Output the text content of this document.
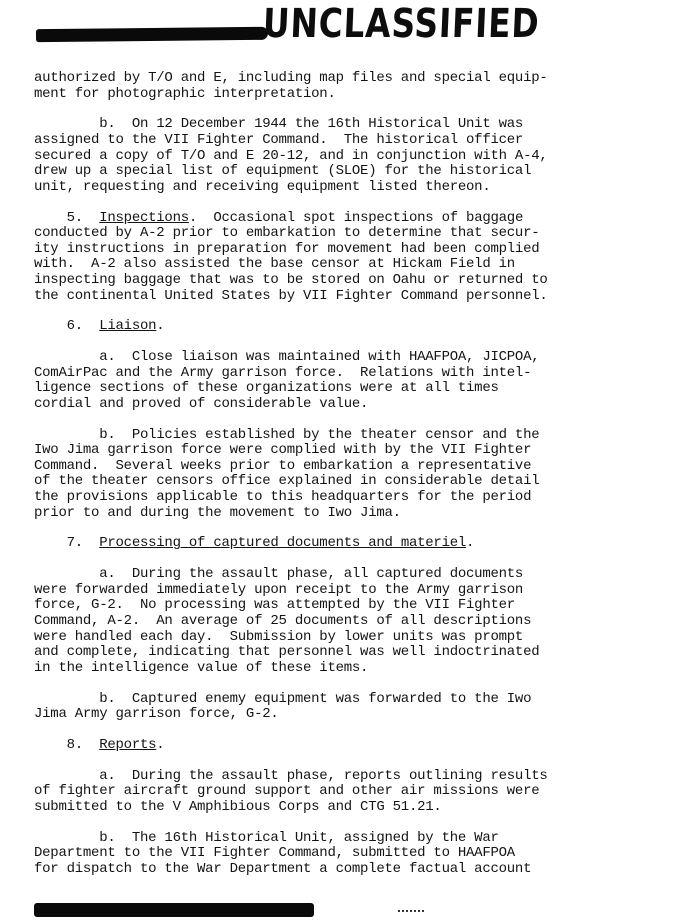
UNCLASSIFIED
authorized by T/O and E, including map files and special equip-
ment for photographic interpretation.
b.  On 12 December 1944 the 16th Historical Unit was
assigned to the VII Fighter Command.  The historical officer
secured a copy of T/O and E 20-12, and in conjunction with A-4,
drew up a special list of equipment (SLOE) for the historical
unit, requesting and receiving equipment listed thereon.
5.  Inspections.  Occasional spot inspections of baggage
conducted by A-2 prior to embarkation to determine that secur-
ity instructions in preparation for movement had been complied
with.  A-2 also assisted the base censor at Hickam Field in
inspecting baggage that was to be stored on Oahu or returned to
the continental United States by VII Fighter Command personnel.
6.  Liaison.
a.  Close liaison was maintained with HAAFPOA, JICPOA,
ComAirPac and the Army garrison force.  Relations with intel-
ligence sections of these organizations were at all times
cordial and proved of considerable value.
b.  Policies established by the theater censor and the
Iwo Jima garrison force were complied with by the VII Fighter
Command.  Several weeks prior to embarkation a representative
of the theater censors office explained in considerable detail
the provisions applicable to this headquarters for the period
prior to and during the movement to Iwo Jima.
7.  Processing of captured documents and materiel.
a.  During the assault phase, all captured documents
were forwarded immediately upon receipt to the Army garrison
force, G-2.  No processing was attempted by the VII Fighter
Command, A-2.  An average of 25 documents of all descriptions
were handled each day.  Submission by lower units was prompt
and complete, indicating that personnel was well indoctrinated
in the intelligence value of these items.
b.  Captured enemy equipment was forwarded to the Iwo
Jima Army garrison force, G-2.
8.  Reports.
a.  During the assault phase, reports outlining results
of fighter aircraft ground support and other air missions were
submitted to the V Amphibious Corps and CTG 51.21.
b.  The 16th Historical Unit, assigned by the War
Department to the VII Fighter Command, submitted to HAAFPOA
for dispatch to the War Department a complete factual account
